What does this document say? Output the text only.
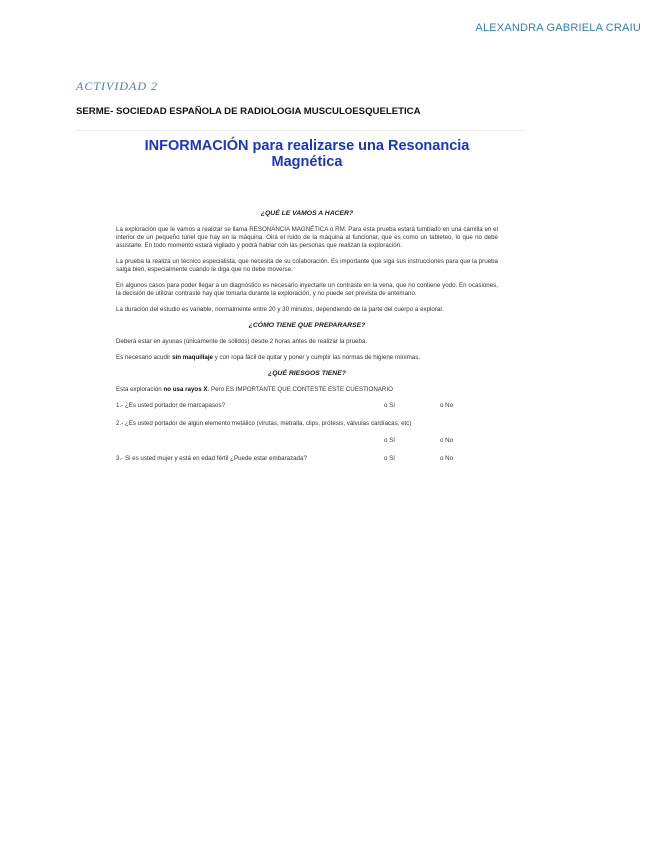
ALEXANDRA GABRIELA CRAIU
ACTIVIDAD 2
SERME- SOCIEDAD ESPAÑOLA DE RADIOLOGIA MUSCULOESQUELETICA
INFORMACIÓN para realizarse una Resonancia Magnética
¿QUÉ LE VAMOS A HACER?

La exploración que le vamos a realizar se llama RESONANCIA MAGNÉTICA o RM. Para esta prueba estará tumbado en una camilla en el interior de un pequeño túnel que hay en la máquina. Oirá el ruido de la máquina al funcionar, que es como un tableteo, lo que no debe asustarle. En todo momento estará vigilado y podrá hablar con las personas que realizan la exploración.

La prueba la realiza un técnico especialista, que necesita de su colaboración. Es importante que siga sus instrucciones para que la prueba salga bien, especialmente cuando le diga que no debe moverse.

En algunos casos para poder llegar a un diagnóstico es necesario inyectarle un contraste en la vena, que no contiene yodo. En ocasiones, la decisión de utilizar contraste hay que tomarla durante la exploración, y no puede ser prevista de antemano.

La duración del estudio es variable, normalmente entre 20 y 30 minutos, dependiendo de la parte del cuerpo a explorar.

¿CÓMO TIENE QUE PREPARARSE?

Deberá estar en ayunas (únicamente de sólidos) desde 2 horas antes de realizar la prueba.

Es necesario acudir sin maquillaje y con ropa fácil de quitar y poner y cumplir las normas de higiene mínimas.

¿QUÉ RIESGOS TIENE?

Esta exploración no usa rayos X. Pero ES IMPORTANTE QUE CONTESTE ESTE CUESTIONARIO

1.- ¿Es usted portador de marcapasos?	o Sí	o No
2.- ¿Es usted portador de algún elemento metálico (virutas, metralla, clips, prótesis, válvulas cardíacas, etc)
o Sí	o No
3.- Si es usted mujer y está en edad fértil ¿Puede estar embarazada?	o Sí	o No
